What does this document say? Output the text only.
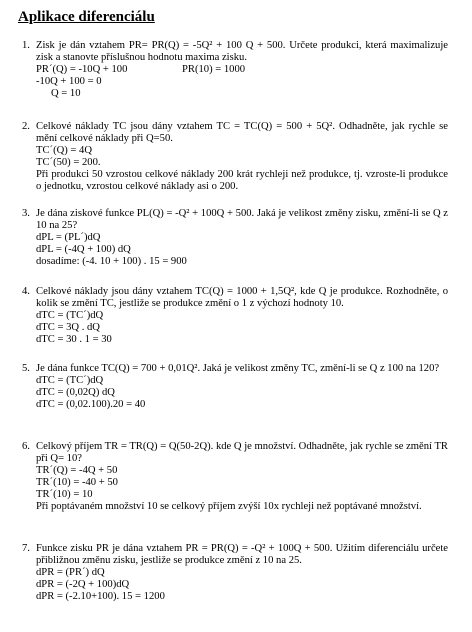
Aplikace diferenciálu
1. Zisk je dán vztahem PR= PR(Q) = -5Q² + 100 Q + 500. Určete produkci, která maximalizuje zisk a stanovte příslušnou hodnotu maxima zisku.
PR´(Q) = -10Q + 100	PR(10) = 1000
-10Q + 100 = 0
Q = 10
2. Celkové náklady TC jsou dány vztahem TC = TC(Q) = 500 + 5Q². Odhadněte, jak rychle se mění celkové náklady při Q=50.
TC´(Q) = 4Q
TC´(50) = 200.
Při produkci 50 vzrostou celkové náklady 200 krát rychleji než produkce, tj. vzroste-li produkce o jednotku, vzrostou celkové náklady asi o 200.
3. Je dána ziskové funkce PL(Q) = -Q² + 100Q + 500. Jaká je velikost změny zisku, změní-li se Q z 10 na 25?
dPL = (PL´)dQ
dPL = (-4Q + 100) dQ
dosadíme: (-4. 10 + 100) . 15 = 900
4. Celkové náklady jsou dány vztahem TC(Q) = 1000 + 1,5Q², kde Q je produkce. Rozhodněte, o kolik se změní TC, jestliže se produkce změní o 1 z výchozí hodnoty 10.
dTC = (TC´)dQ
dTC = 3Q . dQ
dTC = 30 . 1 = 30
5. Je dána funkce TC(Q) = 700 + 0,01Q². Jaká je velikost změny TC, změní-li se Q z 100 na 120?
dTC = (TC´)dQ
dTC = (0,02Q) dQ
dTC = (0,02.100).20 = 40
6. Celkový příjem TR = TR(Q) = Q(50-2Q). kde Q je množství. Odhadněte, jak rychle se změní TR při Q= 10?
TR´(Q) = -4Q + 50
TR´(10) = -40 + 50
TR´(10) = 10
Při poptávaném množství 10 se celkový příjem zvýší 10x rychleji než poptávané množství.
7. Funkce zisku PR je dána vztahem PR = PR(Q) = -Q² + 100Q + 500. Užitím diferenciálu určete přibližnou změnu zisku, jestliže se produkce změní z 10 na 25.
dPR = (PR´) dQ
dPR = (-2Q + 100)dQ
dPR = (-2.10+100). 15 = 1200
